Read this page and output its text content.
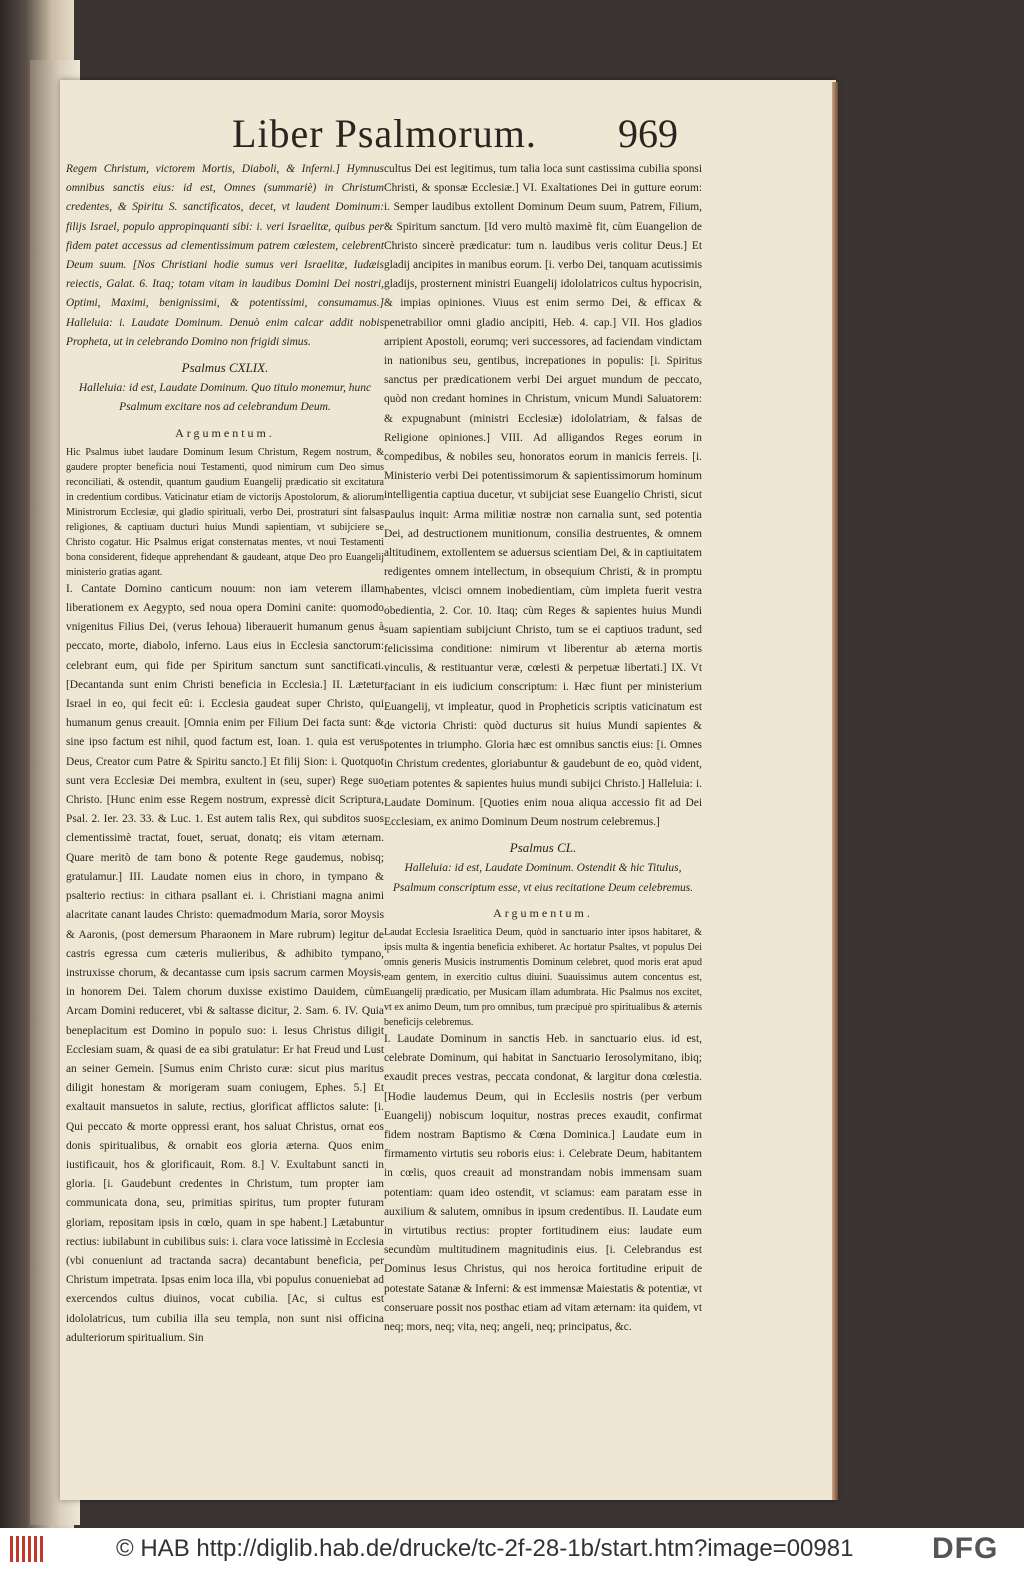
Liber Psalmorum. 969

Regem Christum, victorem Mortis, Diaboli, & Inferni.] Hymnus omnibus sanctis eius: id est, Omnes (summariè) in Christum credentes, & Spiritu S. sanctificatos, decet, vt laudent Dominum: filijs Israel, populo appropinquanti sibi: i. veri Israelitæ, quibus per fidem patet accessus ad clementissimum patrem cœlestem, celebrent Deum suum. [Nos Christiani hodie sumus veri Israelitæ, Iudæis reiectis, Galat. 6. Itaq; totam vitam in laudibus Domini Dei nostri, Optimi, Maximi, benignissimi, & potentissimi, consumamus.] Halleluia: i. Laudate Dominum. Denuò enim calcar addit nobis Propheta, ut in celebrando Domino non frigidi simus.

Psalmus CXLIX.
Halleluia: id est, Laudate Dominum. Quo titulo monemur, hunc Psalmum excitare nos ad celebrandum Deum.
Argumentum.

Hic Psalmus iubet laudare Dominum Iesum Christum, Regem nostrum, & gaudere propter beneficia noui Testamenti, quod nimirum cum Deo simus reconciliati, & ostendit, quantum gaudium Euangelij prædicatio sit excitatura in credentium cordibus. Vaticinatur etiam de victorijs Apostolorum, & aliorum Ministrorum Ecclesiæ, qui gladio spirituali, verbo Dei, prostraturi sint falsas religiones, & captiuam ducturi huius Mundi sapientiam, vt subijciere se Christo cogatur. Hic Psalmus erigat consternatas mentes, vt noui Testamenti bona considerent, fideque apprehendant & gaudeant, atque Deo pro Euangelij ministerio gratias agant.

I. Cantate Domino canticum nouum: non iam veterem illam liberationem ex Aegypto, sed noua opera Domini canite: quomodo vnigenitus Filius Dei, (verus Iehoua) liberauerit humanum genus à peccato, morte, diabolo, inferno. Laus eius in Ecclesia sanctorum: celebrant eum, qui fide per Spiritum sanctum sunt sanctificati. [Decantanda sunt enim Christi beneficia in Ecclesia.] II. Lætetur Israel in eo, qui fecit eû: i. Ecclesia gaudeat super Christo, qui humanum genus creauit. [Omnia enim per Filium Dei facta sunt: & sine ipso factum est nihil, quod factum est, Ioan. 1. quia est verus Deus, Creator cum Patre & Spiritu sancto.] Et filij Sion: i. Quotquot sunt vera Ecclesiæ Dei membra, exultent in (seu, super) Rege suo Christo. [Hunc enim esse Regem nostrum, expressè dicit Scriptura, Psal. 2. Ier. 23. 33. & Luc. 1. Est autem talis Rex, qui subditos suos clementissimè tractat, fouet, seruat, donatq; eis vitam æternam. Quare meritò de tam bono & potente Rege gaudemus, nobisq; gratulamur.] III. Laudate nomen eius in choro, in tympano & psalterio rectius: in cithara psallant ei. i. Christiani magna animi alacritate canant laudes Christo: quemadmodum Maria, soror Moysis & Aaronis, (post demersum Pharaonem in Mare rubrum) legitur de castris egressa cum cæteris mulieribus, & adhibito tympano, instruxisse chorum, & decantasse cum ipsis sacrum carmen Moysis, in honorem Dei. Talem chorum duxisse existimo Dauidem, cùm Arcam Domini reduceret, vbi & saltasse dicitur, 2. Sam. 6. IV. Quia beneplacitum est Domino in populo suo: i. Iesus Christus diligit Ecclesiam suam, & quasi de ea sibi gratulatur: Er hat Freud und Lust an seiner Gemein. [Sumus enim Christo curæ: sicut pius maritus diligit honestam & morigeram suam coniugem, Ephes. 5.] Et exaltauit mansuetos in salute, rectius, glorificat afflictos salute: [i. Qui peccato & morte oppressi erant, hos saluat Christus, ornat eos donis spiritualibus, & ornabit eos gloria æterna. Quos enim iustificauit, hos & glorificauit, Rom. 8.] V. Exultabunt sancti in gloria. [i. Gaudebunt credentes in Christum, tum propter iam communicata dona, seu, primitias spiritus, tum propter futuram gloriam, repositam ipsis in cœlo, quam in spe habent.] Lætabuntur rectius: iubilabunt in cubilibus suis: i. clara voce latissimè in Ecclesia (vbi conueniunt ad tractanda sacra) decantabunt beneficia, per Christum impetrata. Ipsas enim loca illa, vbi populus conueniebat ad exercendos cultus diuinos, vocat cubilia. [Ac, si cultus est idololatricus, tum cubilia illa seu templa, non sunt nisi officina adulteriorum spiritualium. Sin

cultus Dei est legitimus, tum talia loca sunt castissima cubilia sponsi Christi, & sponsæ Ecclesiæ.] VI. Exaltationes Dei in gutture eorum: i. Semper laudibus extollent Dominum Deum suum, Patrem, Filium, & Spiritum sanctum. [Id vero multò maximè fit, cùm Euangelion de Christo sincerè prædicatur: tum n. laudibus veris colitur Deus.] Et gladij ancipites in manibus eorum. [i. verbo Dei, tanquam acutissimis gladijs, prosternent ministri Euangelij idololatricos cultus hypocrisin, & impias opiniones. Viuus est enim sermo Dei, & efficax & penetrabilior omni gladio ancipiti, Heb. 4. cap.] VII. Hos gladios arripient Apostoli, eorumq; veri successores, ad faciendam vindictam in nationibus seu, gentibus, increpationes in populis: [i. Spiritus sanctus per prædicationem verbi Dei arguet mundum de peccato, quòd non credant homines in Christum, vnicum Mundi Saluatorem: & expugnabunt (ministri Ecclesiæ) idololatriam, & falsas de Religione opiniones.] VIII. Ad alligandos Reges eorum in compedibus, & nobiles seu, honoratos eorum in manicis ferreis. [i. Ministerio verbi Dei potentissimorum & sapientissimorum hominum intelligentia captiua ducetur, vt subijciat sese Euangelio Christi, sicut Paulus inquit: Arma militiæ nostræ non carnalia sunt, sed potentia Dei, ad destructionem munitionum, consilia destruentes, & omnem altitudinem, extollentem se aduersus scientiam Dei, & in captiuitatem redigentes omnem intellectum, in obsequium Christi, & in promptu habentes, vlcisci omnem inobedientiam, cùm impleta fuerit vestra obedientia, 2. Cor. 10. Itaq; cùm Reges & sapientes huius Mundi suam sapientiam subijciunt Christo, tum se ei captiuos tradunt, sed felicissima conditione: nimirum vt liberentur ab æterna mortis vinculis, & restituantur veræ, cœlesti & perpetuæ libertati.] IX. Vt faciant in eis iudicium conscriptum: i. Hæc fiunt per ministerium Euangelij, vt impleatur, quod in Propheticis scriptis vaticinatum est de victoria Christi: quòd ducturus sit huius Mundi sapientes & potentes in triumpho. Gloria hæc est omnibus sanctis eius: [i. Omnes in Christum credentes, gloriabuntur & gaudebunt de eo, quòd vident, etiam potentes & sapientes huius mundi subijci Christo.] Halleluia: i. Laudate Dominum. [Quoties enim noua aliqua accessio fit ad Dei Ecclesiam, ex animo Dominum Deum nostrum celebremus.]

Psalmus CL.
Halleluia: id est, Laudate Dominum. Ostendit & hic Titulus, Psalmum conscriptum esse, vt eius recitatione Deum celebremus.
Argumentum.

Laudat Ecclesia Israelitica Deum, quòd in sanctuario inter ipsos habitaret, & ipsis multa & ingentia beneficia exhiberet. Ac hortatur Psaltes, vt populus Dei omnis generis Musicis instrumentis Dominum celebret, quod moris erat apud eam gentem, in exercitio cultus diuini. Suauissimus autem concentus est, Euangelij prædicatio, per Musicam illam adumbrata. Hic Psalmus nos excitet, vt ex animo Deum, tum pro omnibus, tum præcipuè pro spiritualibus & æternis beneficijs celebremus.

I. Laudate Dominum in sanctis Heb. in sanctuario eius. id est, celebrate Dominum, qui habitat in Sanctuario Ierosolymitano, ibiq; exaudit preces vestras, peccata condonat, & largitur dona cœlestia. [Hodie laudemus Deum, qui in Ecclesiis nostris (per verbum Euangelij) nobiscum loquitur, nostras preces exaudit, confirmat fidem nostram Baptismo & Cœna Dominica.] Laudate eum in firmamento virtutis seu roboris eius: i. Celebrate Deum, habitantem in cœlis, quos creauit ad monstrandam nobis immensam suam potentiam: quam ideo ostendit, vt sciamus: eam paratam esse in auxilium & salutem, omnibus in ipsum credentibus. II. Laudate eum in virtutibus rectius: propter fortitudinem eius: laudate eum secundùm multitudinem magnitudinis eius. [i. Celebrandus est Dominus Iesus Christus, qui nos heroica fortitudine eripuit de potestate Satanæ & Inferni: & est immensæ Maiestatis & potentiæ, vt conseruare possit nos posthac etiam ad vitam æternam: ita quidem, vt neq; mors, neq; vita, neq; angeli, neq; principatus, &c.

© HAB http://diglib.hab.de/drucke/tc-2f-28-1b/start.htm?image=00981	DFG
